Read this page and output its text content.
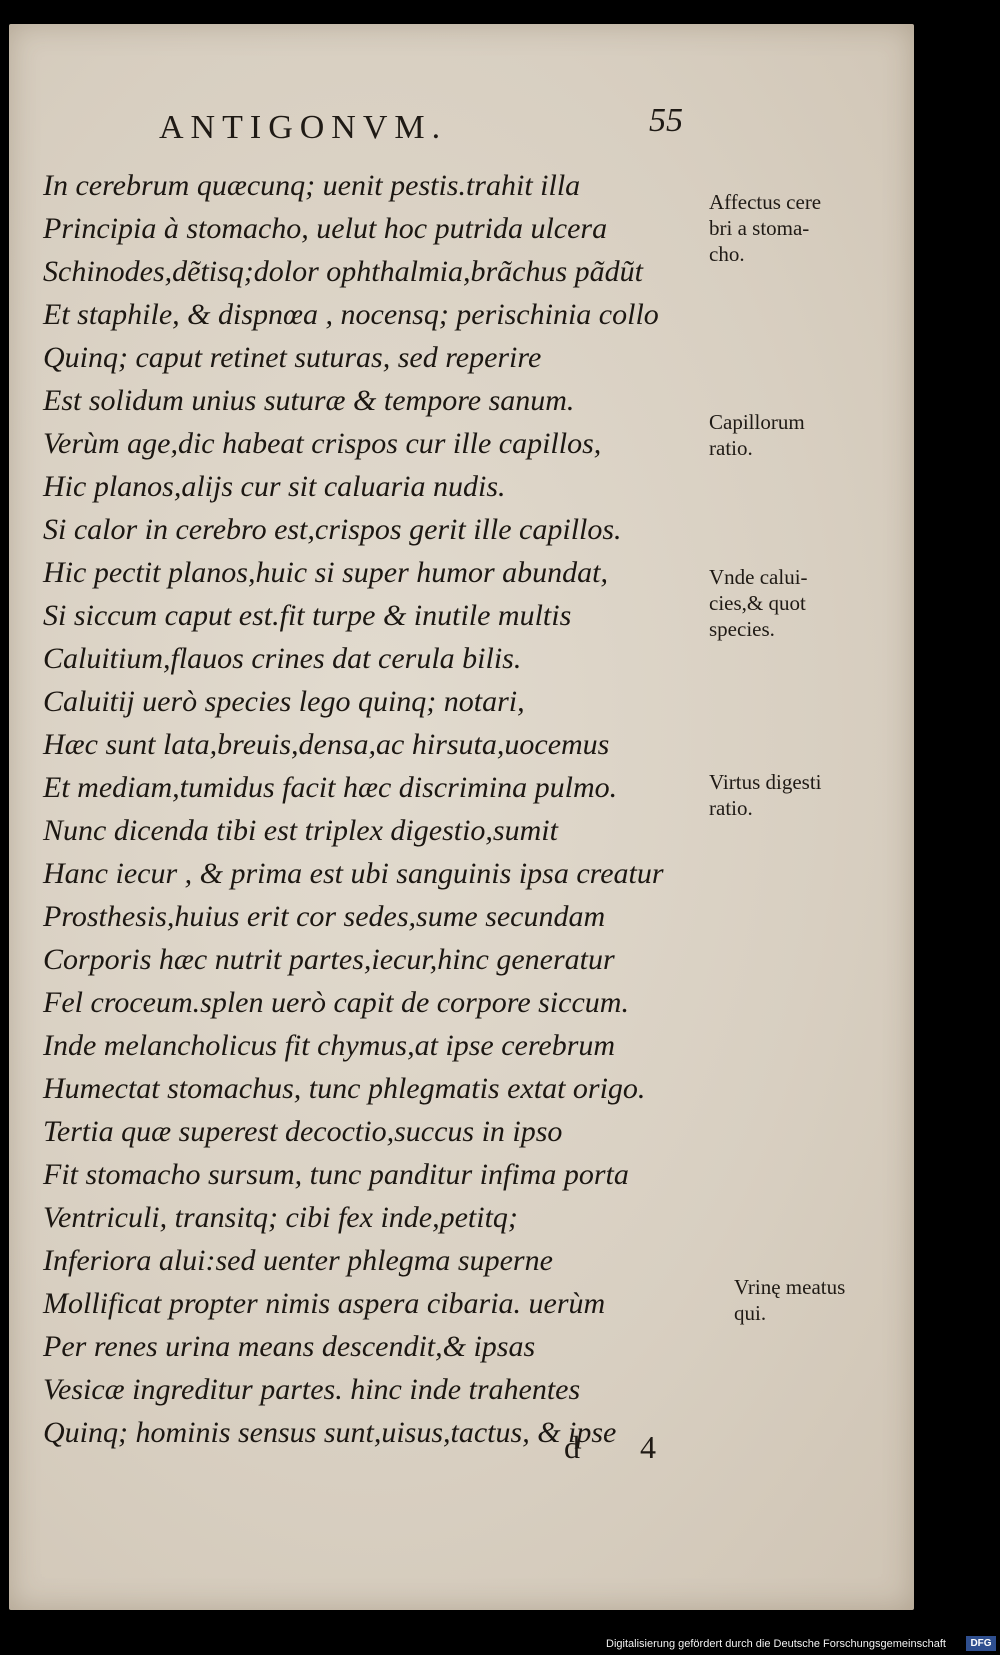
ANTIGONVM.	55
In cerebrum quæcunq; uenit pestis.trahit illa
Principia à stomacho, uelut hoc putrida ulcera
Schinodes,dẽtisq;dolor ophthalmia,brãchus pãdũt
Et staphile, & dispnœa , nocensq; perischinia collo
Quinq; caput retinet suturas, sed reperire
Est solidum unius suturæ & tempore sanum.
Verùm age,dic habeat crispos cur ille capillos,
Hic planos,alijs cur sit caluaria nudis.
Si calor in cerebro est,crispos gerit ille capillos.
Hic pectit planos,huic si super humor abundat,
Si siccum caput est.fit turpe & inutile multis
Caluitium,flauos crines dat cerula bilis.
Caluitij uerò species lego quinq; notari,
Hæc sunt lata,breuis,densa,ac hirsuta,uocemus
Et mediam,tumidus facit hæc discrimina pulmo.
Nunc dicenda tibi est triplex digestio,sumit
Hanc iecur , & prima est ubi sanguinis ipsa creatur
Prosthesis,huius erit cor sedes,sume secundam
Corporis hæc nutrit partes,iecur,hinc generatur
Fel croceum.splen uerò capit de corpore siccum.
Inde melancholicus fit chymus,at ipse cerebrum
Humectat stomachus, tunc phlegmatis extat origo.
Tertia quæ superest decoctio,succus in ipso
Fit stomacho sursum, tunc panditur infima porta
Ventriculi, transitq; cibi fex inde,petitq;
Inferiora alui:sed uenter phlegma superne
Mollificat propter nimis aspera cibaria. uerùm
Per renes urina means descendit,& ipsas
Vesicæ ingreditur partes. hinc inde trahentes
Quinq; hominis sensus sunt,uisus,tactus, & ipse
Affectus cere
bri a stoma-
cho.
Capillorum
ratio.
Vnde calui-
cies,& quot
species.
Virtus digesti
ratio.
Vrinę meatus
qui.
d 4
Digitalisierung gefördert durch die Deutsche Forschungsgemeinschaft	DFG
